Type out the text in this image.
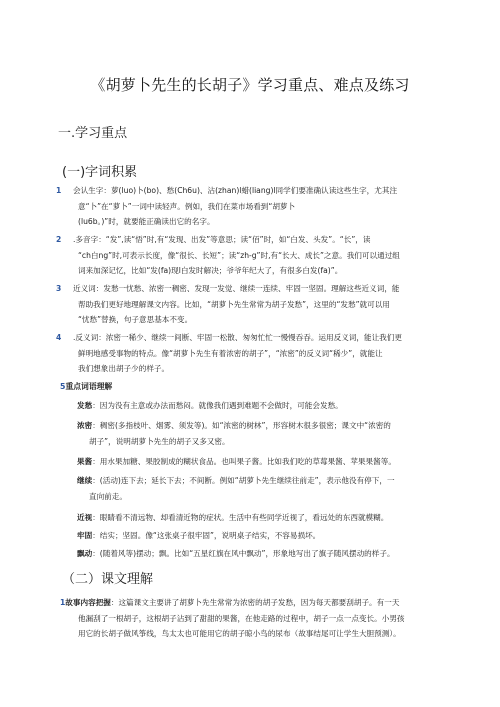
《胡萝卜先生的长胡子》学习重点、难点及练习
一.学习重点
(一)字词积累
1	会认生字：萝(luo)卜(bo)、愁(Ch6u)、沾(zhan)l蜡(liang)l同学们要准确认读这些生字，尤其注

意“卜”在“萝卜”一词中读轻声。例如，我们在菜市场看到“胡萝卜

(lu6b。)”时，就要能正确读出它的名字。

2	.多音字：“发”,读“悟”时,有“发现、出发”等意思；读“佰”时，如“白发、头发”。“长”，读

“ch白ng”时,可表示长度，像“很长、长短”；读“zh-g”时,有“长大、成长”之意。我们可以通过组

词来加深记忆，比如“发(fa)现l白发时解决；爷爷年纪大了，有很多白发(fa)”。

3	近义词：发愁一忧愁、浓密一稠密、发现一发觉、继续一连续、牢固一坚固。理解这些近义词，能

帮助我们更好地理解课文内容。比如，“胡萝卜先生常常为胡子发愁”，这里的“发愁”就可以用

“忧愁”替换，句子意思基本不变。

4	.反义词：浓密一稀少、继续一间断、牢固一松散、匆匆忙忙一慢慢吞吞。运用反义词，能让我们更

鲜明地感受事物的特点。像“胡萝卜先生有着浓密的胡子”，“浓密”的反义词“稀少”，就能让

我们想象出胡子少的样子。

5重点词语理解

发愁：因为没有主意或办法而愁闷。就像我们遇到难题不会做时，可能会发愁。

浓密：稠密(多指枝叶、烟雾、须发等)。如“浓密的树林”，形容树木很多很密；课文中“浓密的

胡子”，说明胡萝卜先生的胡子又多又密。

果酱：用水果加糖、果胶制成的糊状食品。也叫果子酱。比如我们吃的草莓果酱、苹果果酱等。

继续：(活动)连下去；延长下去；不间断。例如“胡萝卜先生继续往前走”，表示他没有停下，一

直向前走。

近视：眼睛看不清远物、却看清近物的症状。生活中有些同学近视了，看远处的东西就模糊。

牢固：结实；坚固。像“这张桌子很牢固”，说明桌子结实，不容易损坏。

飘动：(随着风等)摆动；飘。比如“五星红旗在风中飘动”，形象地写出了旗子随风摆动的样子。

（二）课文理解

1故事内容把握：这篇课文主要讲了胡萝卜先生常常为浓密的胡子发愁，因为每天都要刮胡子。有一天

他漏刮了一根胡子，这根胡子沾到了甜甜的果酱，在他走路的过程中，胡子一点一点变长。小男孩

用它的长胡子做风筝线，鸟太太也可能用它的胡子晾小鸟的尿布（故事结尾可让学生大胆预测）。
